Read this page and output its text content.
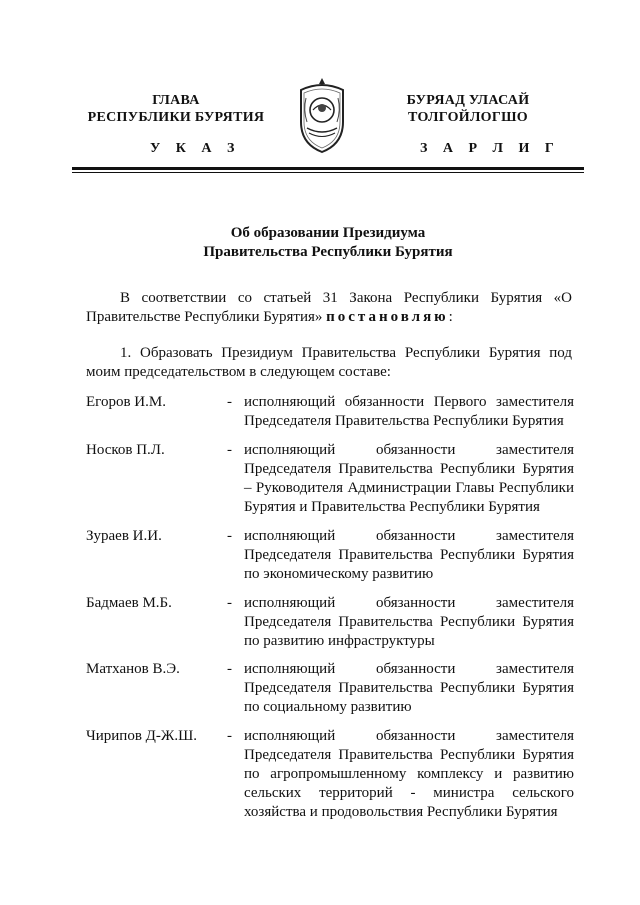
ГЛАВА
РЕСПУБЛИКИ БУРЯТИЯ
БУРЯАД УЛАСАЙ
ТОЛГОЙЛОГШО
У К А З	З А Р Л И Г
Об образовании Президиума
Правительства Республики Бурятия
В соответствии со статьей 31 Закона Республики Бурятия «О Правительстве Республики Бурятия» постановляю:
1. Образовать Президиум Правительства Республики Бурятия под моим председательством в следующем составе:
Егоров И.М.	- исполняющий обязанности Первого заместителя Председателя Правительства Республики Бурятия
Носков П.Л.	- исполняющий обязанности заместителя Председателя Правительства Республики Бурятия – Руководителя Администрации Главы Республики Бурятия и Правительства Республики Бурятия
Зураев И.И.	- исполняющий обязанности заместителя Председателя Правительства Республики Бурятия по экономическому развитию
Бадмаев М.Б.	- исполняющий обязанности заместителя Председателя Правительства Республики Бурятия по развитию инфраструктуры
Матханов В.Э.	- исполняющий обязанности заместителя Председателя Правительства Республики Бурятия по социальному развитию
Чирипов Д-Ж.Ш. - исполняющий обязанности заместителя Председателя Правительства Республики Бурятия по агропромышленному комплексу и развитию сельских территорий - министра сельского хозяйства и продовольствия Республики Бурятия
